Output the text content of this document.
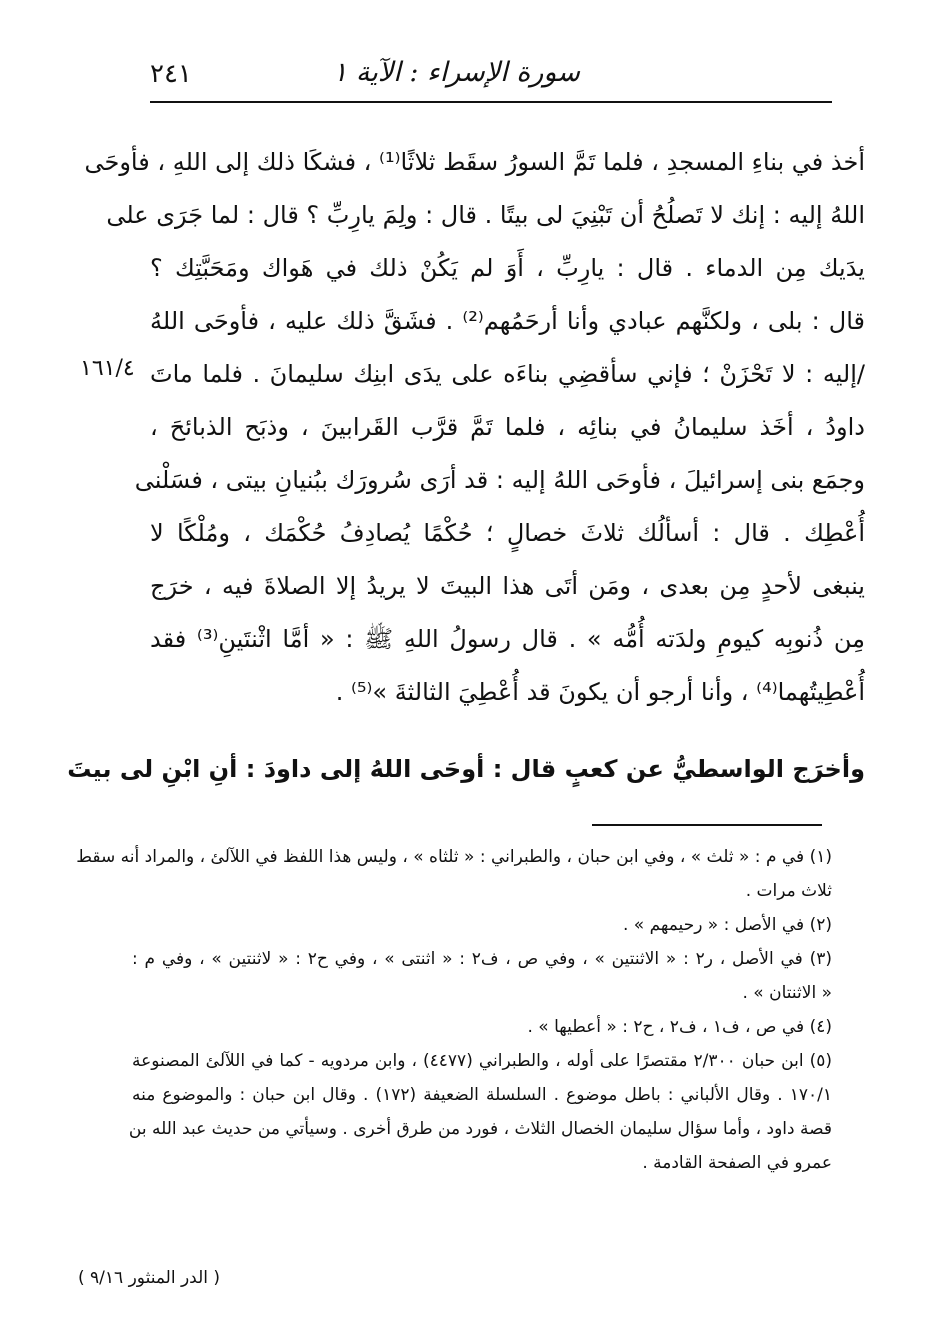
٢٤١	سورة الإسراء : الآية ١
١٦١/٤
أخذ في بناءِ المسجدِ ، فلما تَمَّ السورُ سقَط ثلاثًا⁽¹⁾ ، فشكَا ذلك إلى اللهِ ، فأوحَى
اللهُ إليه : إنك لا تَصلُحُ أن تَبْنِيَ لى بيتًا . قال : ولِمَ يارِبِّ ؟ قال : لما جَرَى على
يدَيك مِن الدماء . قال : يارِبِّ ، أَوَ لم يَكُنْ ذلك في هَواك ومَحَبَّتِك ؟
قال : بلى ، ولكنَّهم عبادي وأنا أرحَمُهم⁽²⁾ . فشَقَّ ذلك عليه ، فأوحَى اللهُ
/إليه : لا تَحْزَنْ ؛ فإني سأقضِي بناءَه على يدَى ابنِك سليمانَ . فلما ماتَ
داودُ ، أخَذ سليمانُ في بنائِه ، فلما تَمَّ قرَّب القَرابينَ ، وذبَح الذبائحَ ،
وجمَع بنى إسرائيلَ ، فأوحَى اللهُ إليه : قد أرَى سُرورَك ببُنيانِ بيتى ، فسَلْنى
أُعْطِك . قال : أسألُك ثلاثَ خصالٍ ؛ حُكْمًا يُصادِفُ حُكْمَك ، ومُلْكًا لا
ينبغى لأحدٍ مِن بعدى ، ومَن أتَى هذا البيتَ لا يريدُ إلا الصلاةَ فيه ، خرَج
مِن ذُنوبِه كيومِ ولدَته أُمُّه » . قال رسولُ اللهِ ﷺ : « أمَّا اثْنتَينِ⁽³⁾ فقد
أُعْطِيتُهما⁽⁴⁾ ، وأنا أرجو أن يكونَ قد أُعْطِيَ الثالثةَ »⁽⁵⁾ .
وأخرَج الواسطيُّ عن كعبٍ قال : أوحَى اللهُ إلى داودَ : أنِ ابْنِ لى بيتَ
(١) في م : « ثلث » ، وفي ابن حبان ، والطبراني : « ثلثاه » ، وليس هذا اللفظ في اللآلئ ، والمراد أنه سقط
ثلاث مرات .
(٢) في الأصل : « رحيمهم » .
(٣) في الأصل ، ر٢ : « الاثنتين » ، وفي ص ، ف٢ : « اثنتى » ، وفي ح٢ : « لاثنتين » ، وفي م :
« الاثنتان » .
(٤) في ص ، ف١ ، ف٢ ، ح٢ : « أعطيها » .
(٥) ابن حبان ٢/٣٠٠ مقتصرًا على أوله ، والطبراني (٤٤٧٧) ، وابن مردويه - كما في اللآلئ المصنوعة
١٧٠/١ . وقال الألباني : باطل موضوع . السلسلة الضعيفة (١٧٢) . وقال ابن حبان : والموضوع منه
قصة داود ، وأما سؤال سليمان الخصال الثلاث ، فورد من طرق أخرى . وسيأتي من حديث عبد الله بن
عمرو في الصفحة القادمة .
( الدر المنثور ٩/١٦ )
